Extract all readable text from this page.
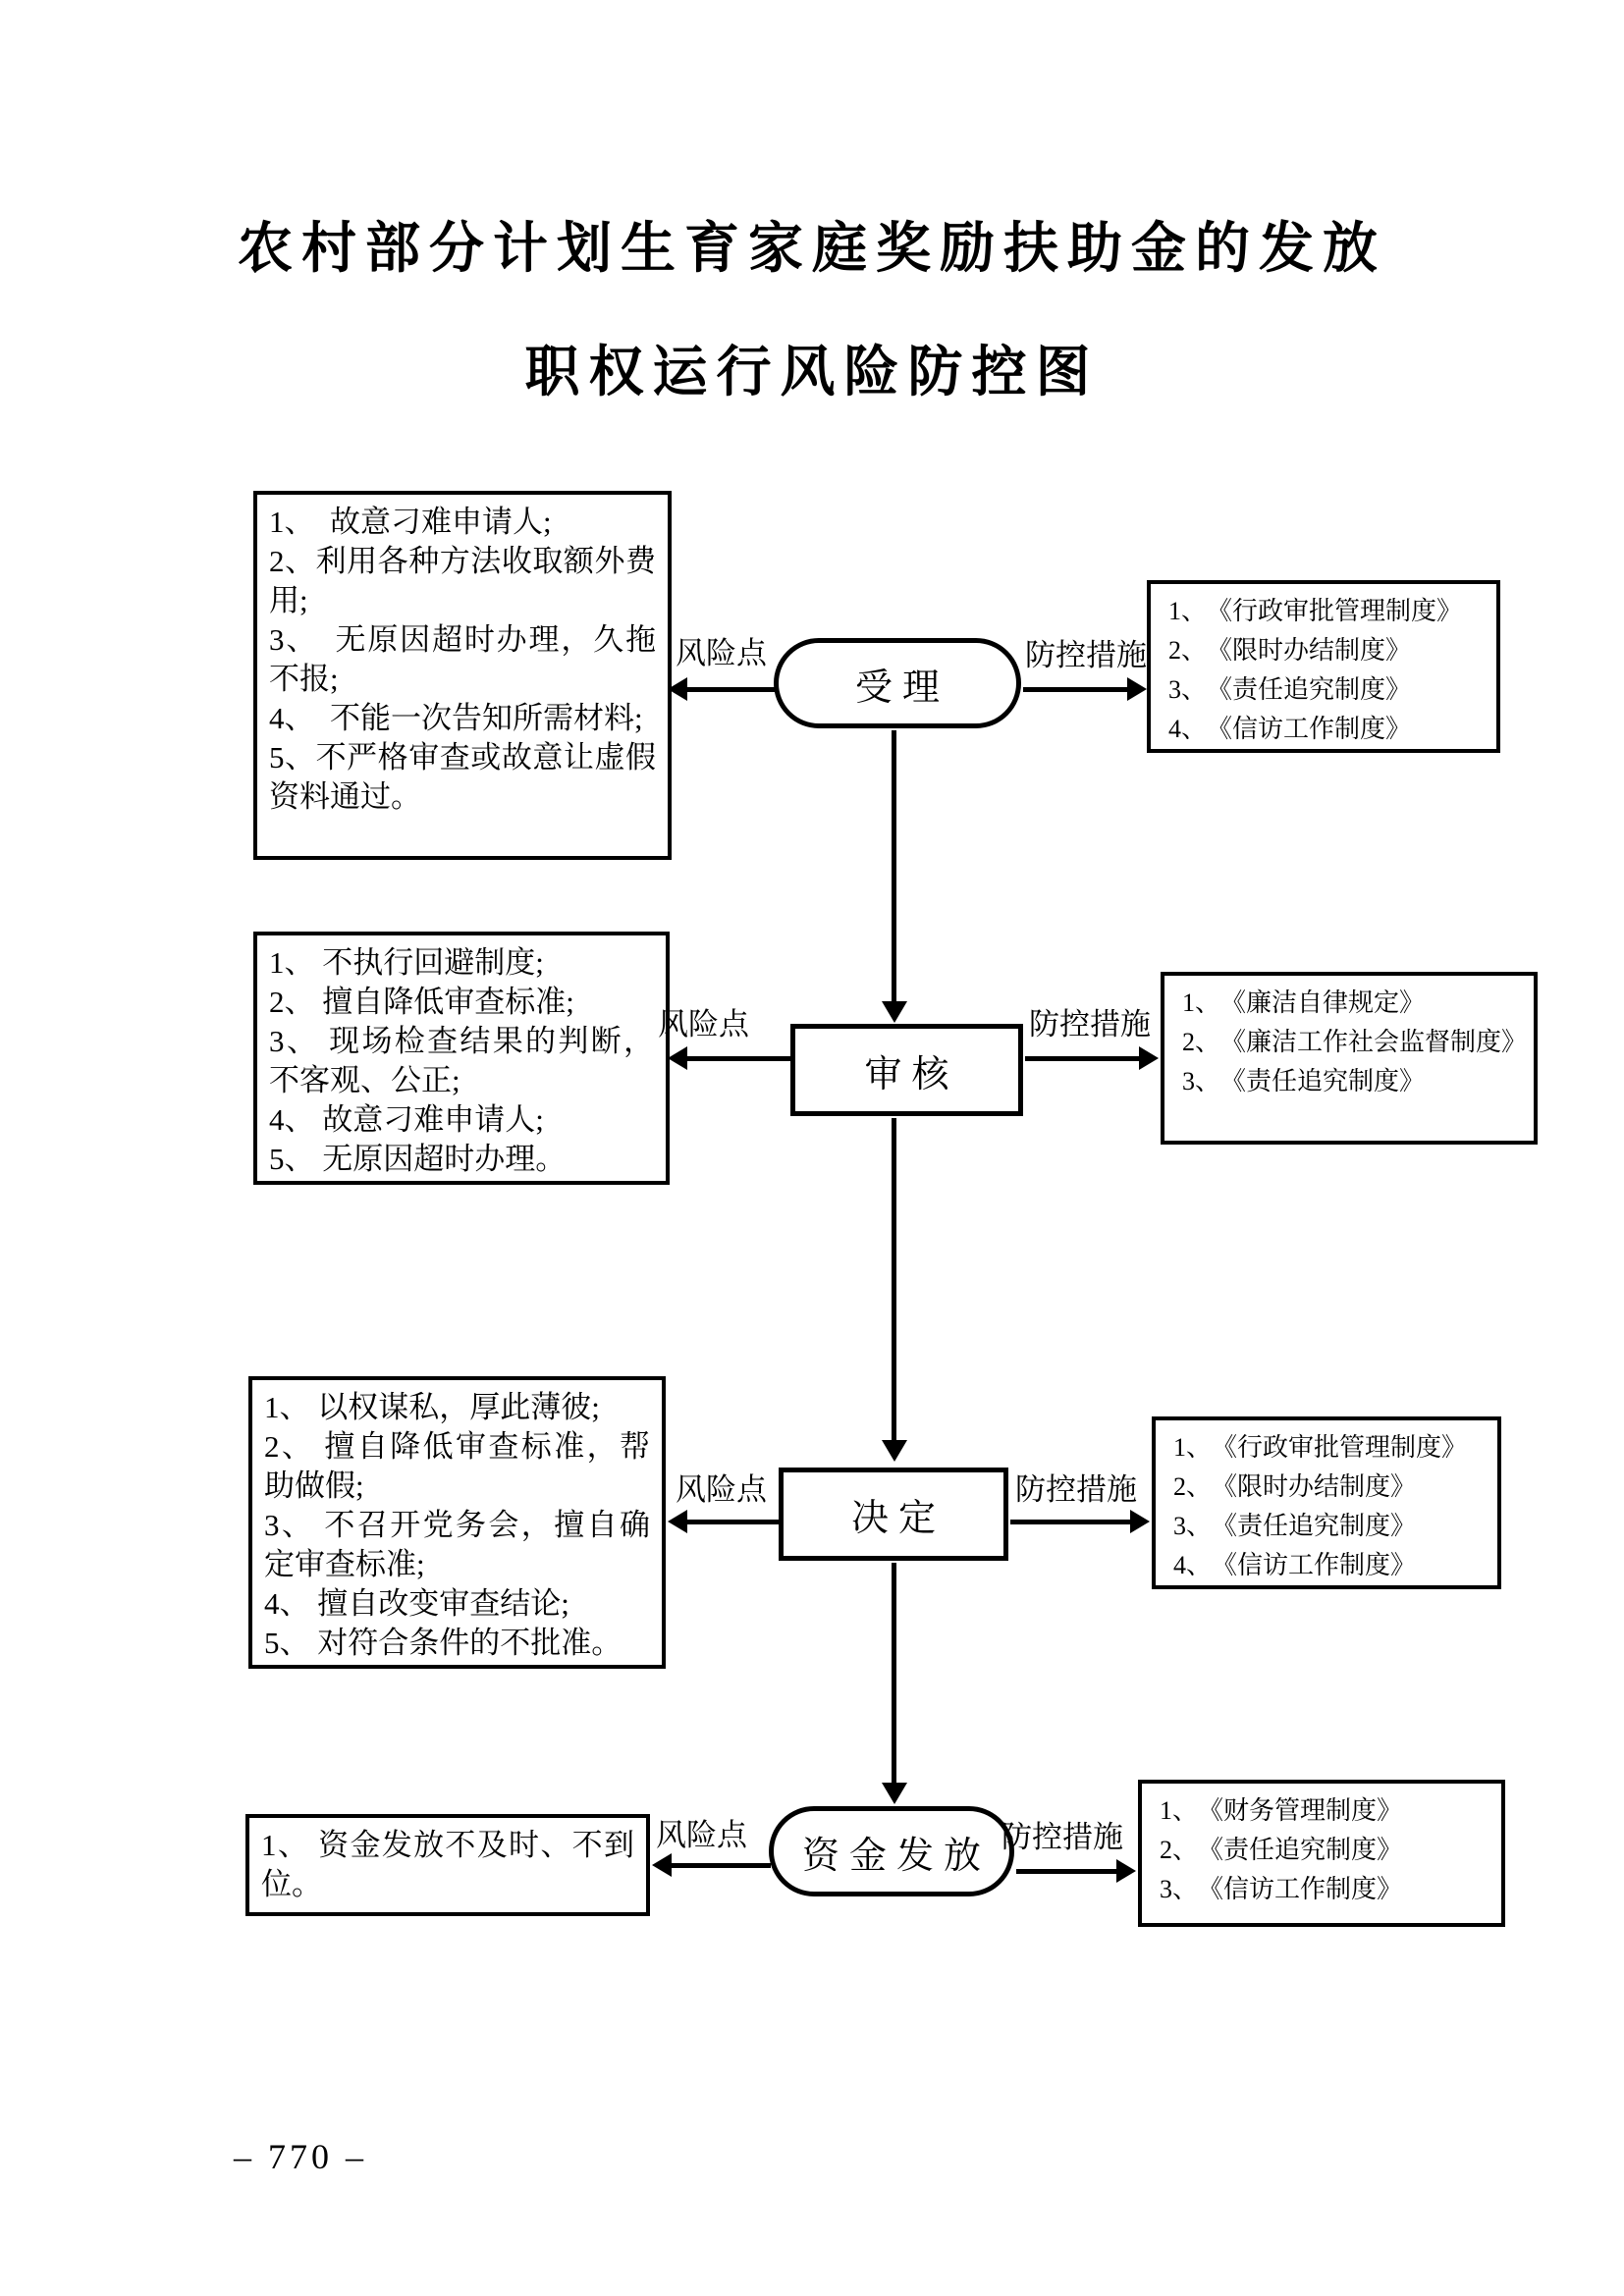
农村部分计划生育家庭奖励扶助金的发放
职权运行风险防控图
1、　故意刁难申请人;
2、利用各种方法收取额外费用;
3、　无原因超时办理，久拖不报;
4、　不能一次告知所需材料;
5、不严格审查或故意让虚假资料通过。
风险点
受理
防控措施
1、　《行政审批管理制度》
2、　《限时办结制度》
3、　《责任追究制度》
4、　《信访工作制度》
1、 不执行回避制度;
2、 擅自降低审查标准;
3、 现场检查结果的判断，不客观、公正;
4、 故意刁难申请人;
5、 无原因超时办理。
风险点
审核
防控措施
1、　《廉洁自律规定》
2、　《廉洁工作社会监督制度》
3、　《责任追究制度》
1、 以权谋私，厚此薄彼;
2、 擅自降低审查标准，帮助做假;
3、 不召开党务会，擅自确定审查标准;
4、 擅自改变审查结论;
5、 对符合条件的不批准。
风险点
决定
防控措施
1、　《行政审批管理制度》
2、　《限时办结制度》
3、　《责任追究制度》
4、　《信访工作制度》
1、 资金发放不及时、不到位。
风险点	资金发放 防控措施
1、　《财务管理制度》
2、　《责任追究制度》
3、　《信访工作制度》
– 770 –
